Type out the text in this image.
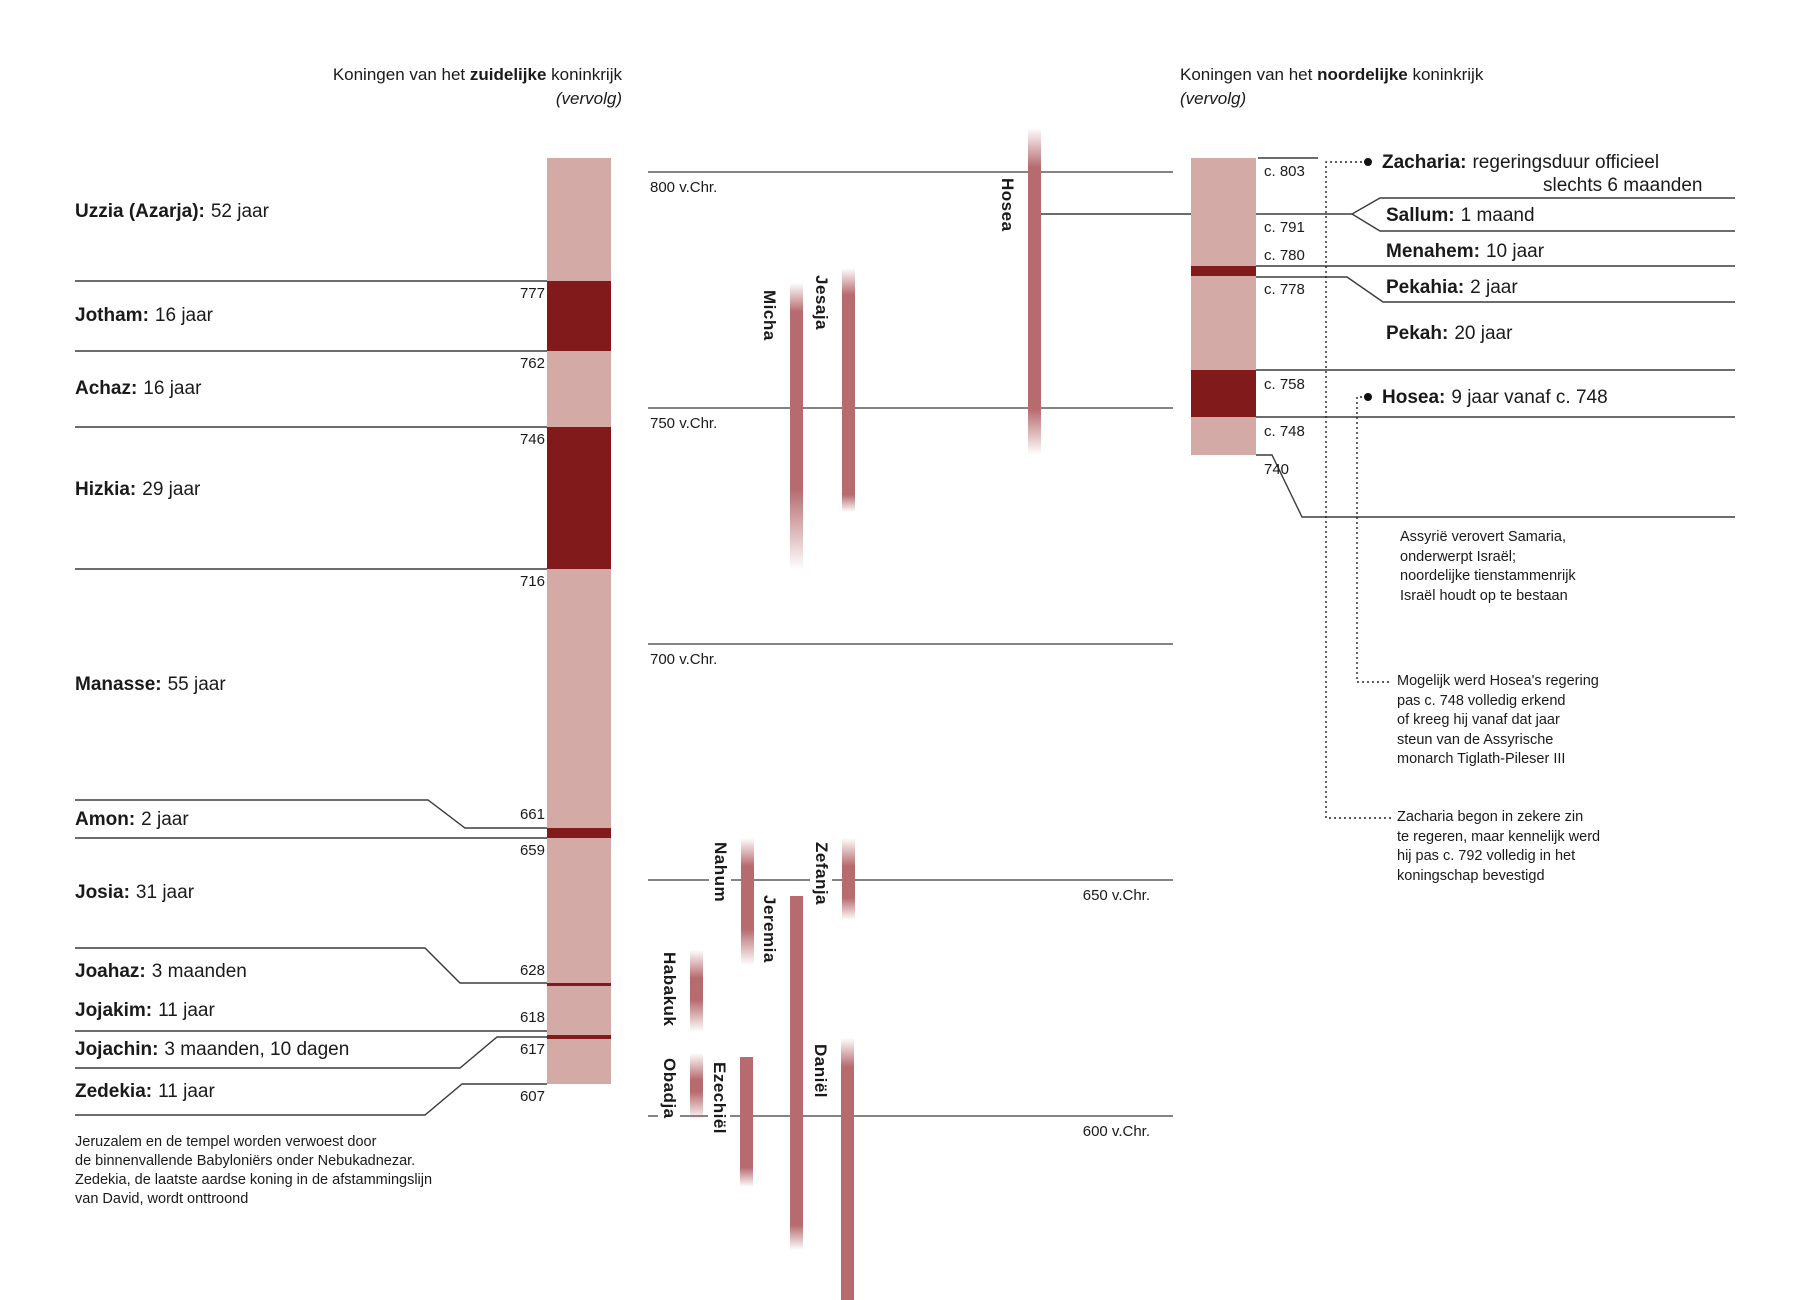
Koningen van het zuidelijke koninkrijk
(vervolg)
Koningen van het noordelijke koninkrijk
(vervolg)
Uzzia (Azarja): 52 jaar
Jotham: 16 jaar
Achaz: 16 jaar
Hizkia: 29 jaar
Manasse: 55 jaar
Amon: 2 jaar
Josia: 31 jaar
Joahaz: 3 maanden
Jojakim: 11 jaar
Jojachin: 3 maanden, 10 dagen
Zedekia: 11 jaar
777
762
746
716
661
659
628
618
617
607
800 v.Chr.
750 v.Chr.
700 v.Chr.
650 v.Chr.
600 v.Chr.
Hosea
Micha Jesaja
Nahum
Jeremia
Zefanja
Habakuk
Obadja Ezechiël	Daniël
c. 803
c. 791
c. 780
c. 778
c. 758
c. 748
740
Zacharia: regeringsduur officieel
slechts 6 maanden
Sallum: 1 maand
Menahem: 10 jaar
Pekahia: 2 jaar
Pekah: 20 jaar
Hosea: 9 jaar vanaf c. 748
Jeruzalem en de tempel worden verwoest door
de binnenvallende Babyloniërs onder Nebukadnezar.
Zedekia, de laatste aardse koning in de afstammingslijn
van David, wordt onttroond
Assyrië verovert Samaria,
onderwerpt Israël;
noordelijke tienstammenrijk
Israël houdt op te bestaan
Mogelijk werd Hosea's regering
pas c. 748 volledig erkend
of kreeg hij vanaf dat jaar
steun van de Assyrische
monarch Tiglath-Pileser III
Zacharia begon in zekere zin
te regeren, maar kennelijk werd
hij pas c. 792 volledig in het
koningschap bevestigd
